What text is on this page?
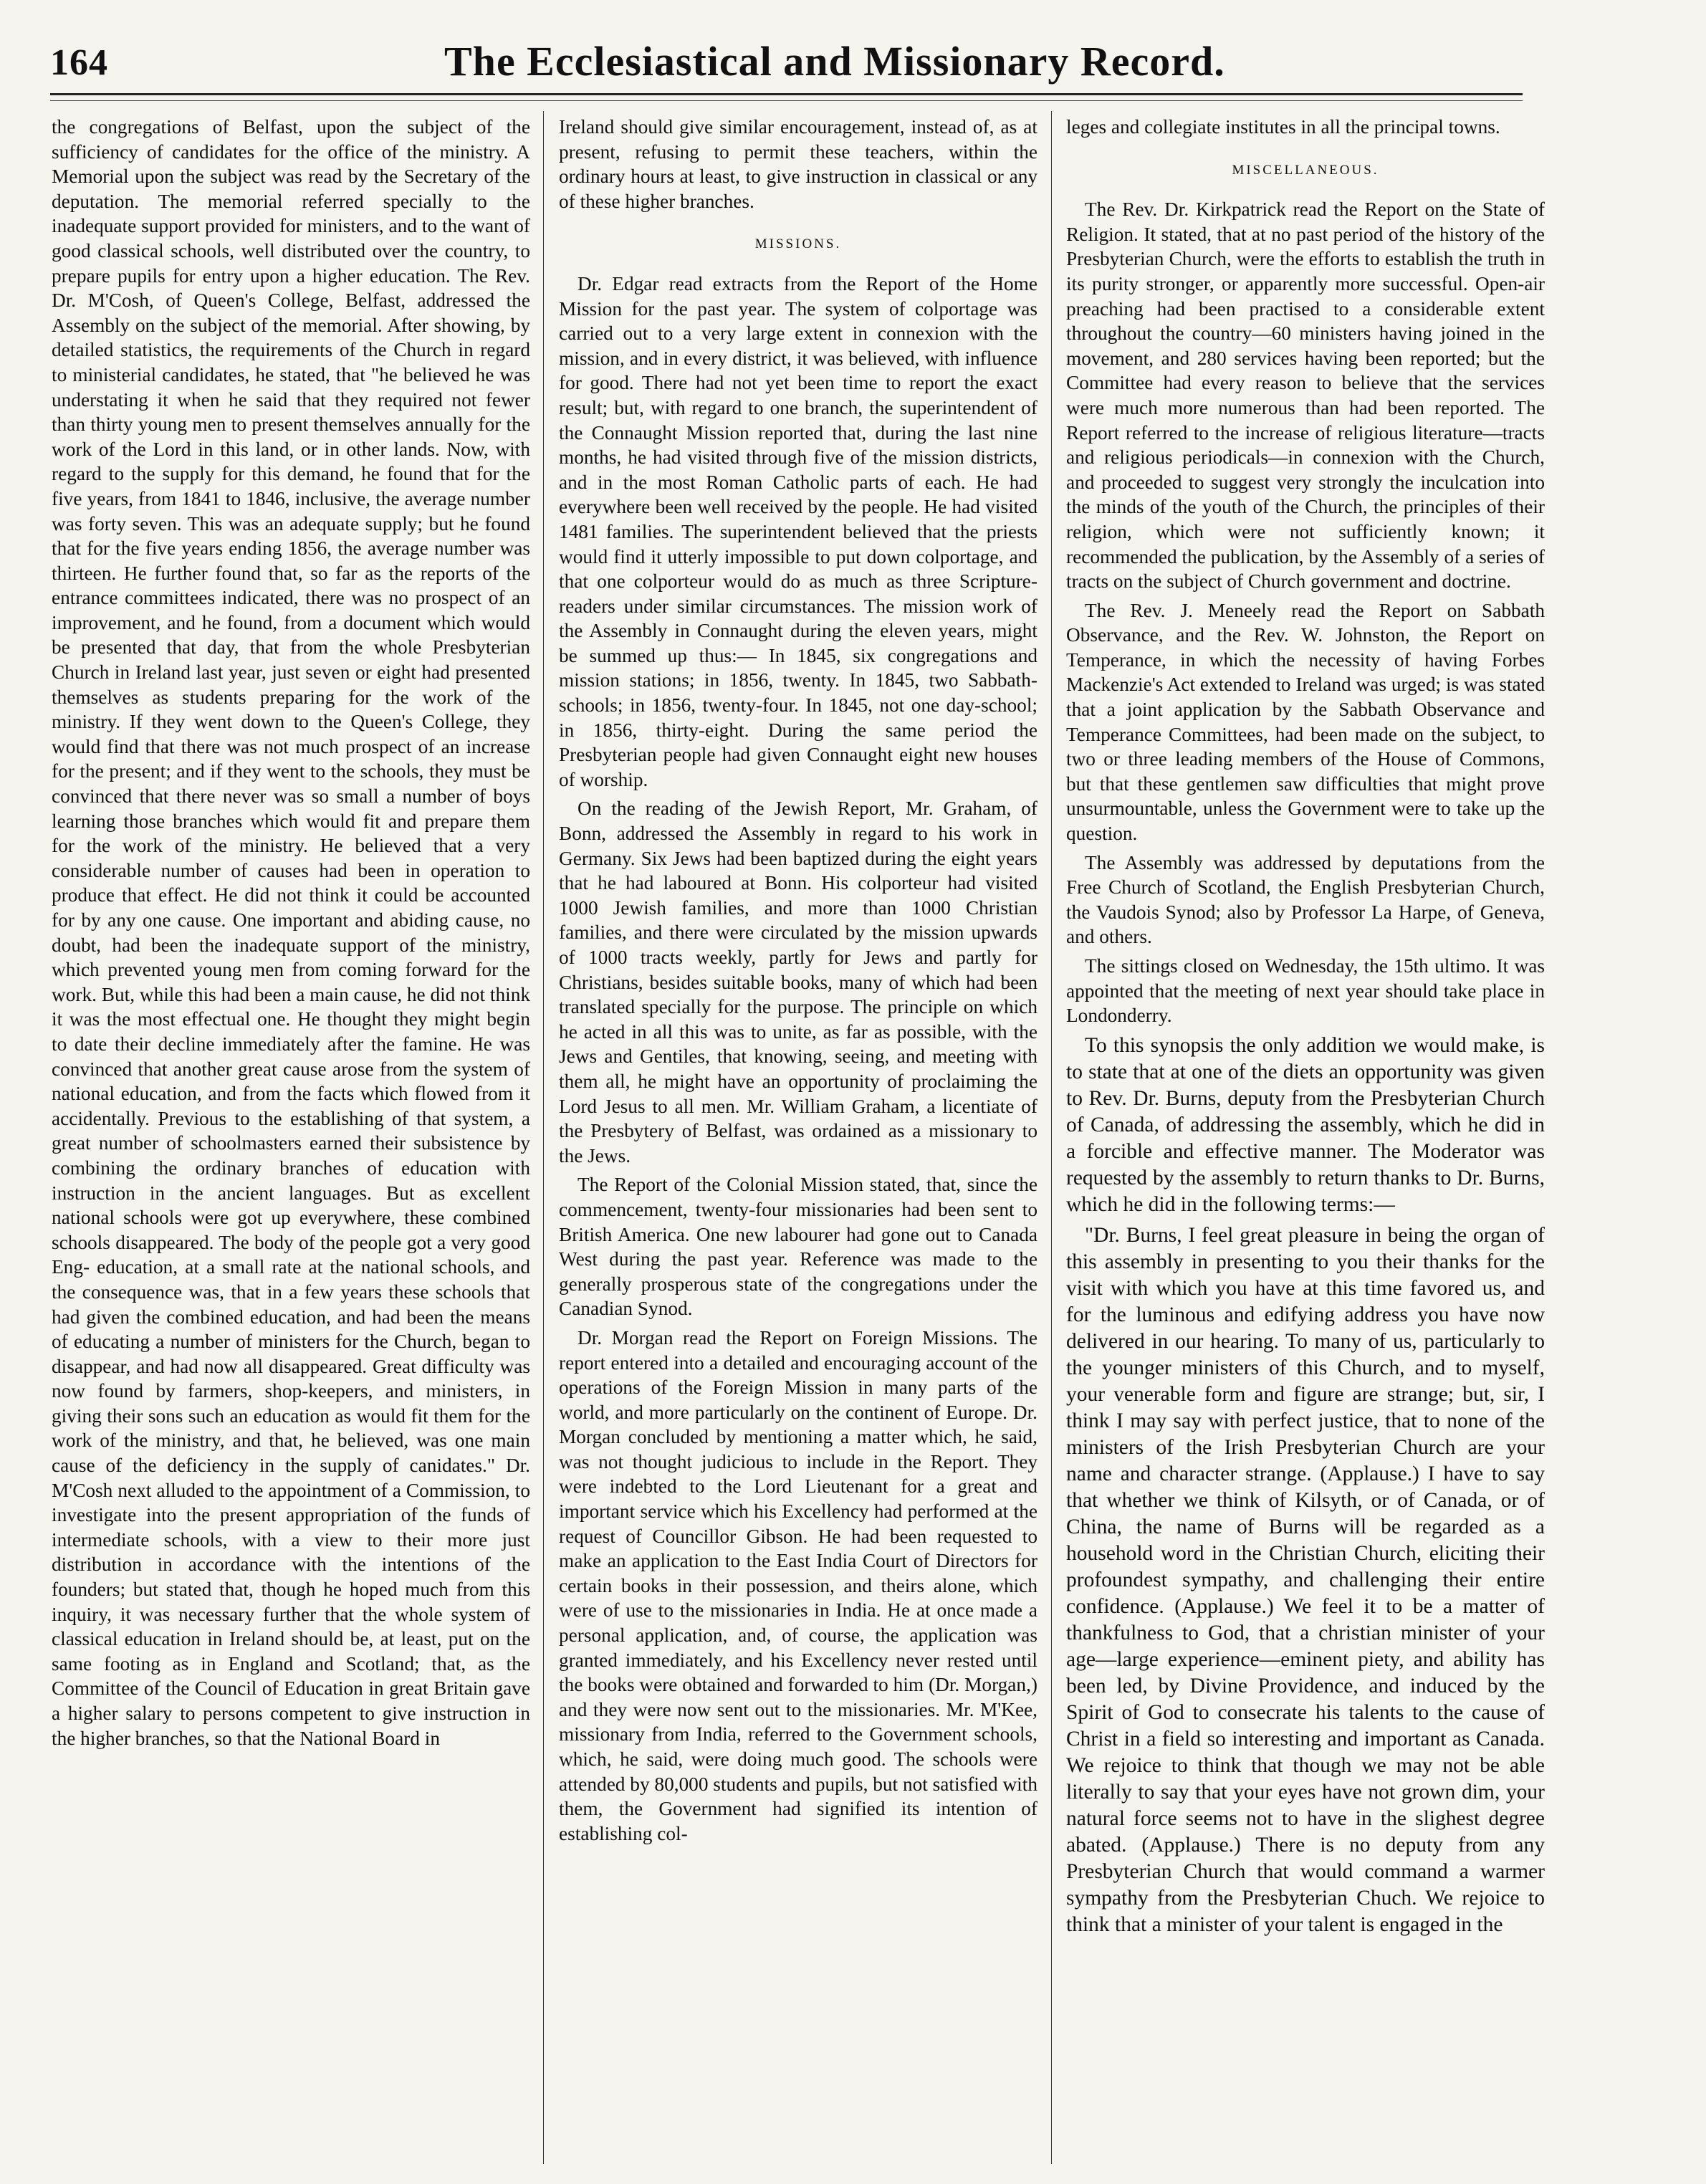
164	The Ecclesiastical and Missionary Record.

the congregations of Belfast, upon the subject of the sufficiency of candidates for the office of the ministry. A Memorial upon the subject was read by the Secretary of the deputation. The memorial referred specially to the inadequate support provided for ministers, and to the want of good classical schools, well distributed over the country, to prepare pupils for entry upon a higher education. The Rev. Dr. M'Cosh, of Queen's College, Belfast, addressed the Assembly on the subject of the memorial. After showing, by detailed statistics, the requirements of the Church in regard to ministerial candidates, he stated, that "he believed he was understating it when he said that they required not fewer than thirty young men to present themselves annually for the work of the Lord in this land, or in other lands. Now, with regard to the supply for this demand, he found that for the five years, from 1841 to 1846, inclusive, the average number was forty seven. This was an adequate supply; but he found that for the five years ending 1856, the average number was thirteen. He further found that, so far as the reports of the entrance committees indicated, there was no prospect of an improvement, and he found, from a document which would be presented that day, that from the whole Presbyterian Church in Ireland last year, just seven or eight had presented themselves as students preparing for the work of the ministry. If they went down to the Queen's College, they would find that there was not much prospect of an increase for the present; and if they went to the schools, they must be convinced that there never was so small a number of boys learning those branches which would fit and prepare them for the work of the ministry. He believed that a very considerable number of causes had been in operation to produce that effect. He did not think it could be accounted for by any one cause. One important and abiding cause, no doubt, had been the inadequate support of the ministry, which prevented young men from coming forward for the work. But, while this had been a main cause, he did not think it was the most effectual one. He thought they might begin to date their decline immediately after the famine. He was convinced that another great cause arose from the system of national education, and from the facts which flowed from it accidentally. Previous to the establishing of that system, a great number of schoolmasters earned their subsistence by combining the ordinary branches of education with instruction in the ancient languages. But as excellent national schools were got up everywhere, these combined schools disappeared. The body of the people got a very good Eng- education, at a small rate at the national schools, and the consequence was, that in a few years these schools that had given the combined education, and had been the means of educating a number of ministers for the Church, began to disappear, and had now all disappeared. Great difficulty was now found by farmers, shop-keepers, and ministers, in giving their sons such an education as would fit them for the work of the ministry, and that, he believed, was one main cause of the deficiency in the supply of canidates." Dr. M'Cosh next alluded to the appointment of a Commission, to investigate into the present appropriation of the funds of intermediate schools, with a view to their more just distribution in accordance with the intentions of the founders; but stated that, though he hoped much from this inquiry, it was necessary further that the whole system of classical education in Ireland should be, at least, put on the same footing as in England and Scotland; that, as the Committee of the Council of Education in great Britain gave a higher salary to persons competent to give instruction in the higher branches, so that the National Board in

Ireland should give similar encouragement, instead of, as at present, refusing to permit these teachers, within the ordinary hours at least, to give instruction in classical or any of these higher branches.

MISSIONS.

Dr. Edgar read extracts from the Report of the Home Mission for the past year. The system of colportage was carried out to a very large extent in connexion with the mission, and in every district, it was believed, with influence for good. There had not yet been time to report the exact result; but, with regard to one branch, the superintendent of the Connaught Mission reported that, during the last nine months, he had visited through five of the mission districts, and in the most Roman Catholic parts of each. He had everywhere been well received by the people. He had visited 1481 families. The superintendent believed that the priests would find it utterly impossible to put down colportage, and that one colporteur would do as much as three Scripture-readers under similar circumstances. The mission work of the Assembly in Connaught during the eleven years, might be summed up thus:— In 1845, six congregations and mission stations; in 1856, twenty. In 1845, two Sabbath-schools; in 1856, twenty-four. In 1845, not one day-school; in 1856, thirty-eight. During the same period the Presbyterian people had given Connaught eight new houses of worship.

On the reading of the Jewish Report, Mr. Graham, of Bonn, addressed the Assembly in regard to his work in Germany. Six Jews had been baptized during the eight years that he had laboured at Bonn. His colporteur had visited 1000 Jewish families, and more than 1000 Christian families, and there were circulated by the mission upwards of 1000 tracts weekly, partly for Jews and partly for Christians, besides suitable books, many of which had been translated specially for the purpose. The principle on which he acted in all this was to unite, as far as possible, with the Jews and Gentiles, that knowing, seeing, and meeting with them all, he might have an opportunity of proclaiming the Lord Jesus to all men. Mr. William Graham, a licentiate of the Presbytery of Belfast, was ordained as a missionary to the Jews.

The Report of the Colonial Mission stated, that, since the commencement, twenty-four missionaries had been sent to British America. One new labourer had gone out to Canada West during the past year. Reference was made to the generally prosperous state of the congregations under the Canadian Synod.

Dr. Morgan read the Report on Foreign Missions. The report entered into a detailed and encouraging account of the operations of the Foreign Mission in many parts of the world, and more particularly on the continent of Europe. Dr. Morgan concluded by mentioning a matter which, he said, was not thought judicious to include in the Report. They were indebted to the Lord Lieutenant for a great and important service which his Excellency had performed at the request of Councillor Gibson. He had been requested to make an application to the East India Court of Directors for certain books in their possession, and theirs alone, which were of use to the missionaries in India. He at once made a personal application, and, of course, the application was granted immediately, and his Excellency never rested until the books were obtained and forwarded to him (Dr. Morgan,) and they were now sent out to the missionaries. Mr. M'Kee, missionary from India, referred to the Government schools, which, he said, were doing much good. The schools were attended by 80,000 students and pupils, but not satisfied with them, the Government had signified its intention of establishing col-

leges and collegiate institutes in all the principal towns.

MISCELLANEOUS.

The Rev. Dr. Kirkpatrick read the Report on the State of Religion. It stated, that at no past period of the history of the Presbyterian Church, were the efforts to establish the truth in its purity stronger, or apparently more successful. Open-air preaching had been practised to a considerable extent throughout the country—60 ministers having joined in the movement, and 280 services having been reported; but the Committee had every reason to believe that the services were much more numerous than had been reported. The Report referred to the increase of religious literature—tracts and religious periodicals—in connexion with the Church, and proceeded to suggest very strongly the inculcation into the minds of the youth of the Church, the principles of their religion, which were not sufficiently known; it recommended the publication, by the Assembly of a series of tracts on the subject of Church government and doctrine.

The Rev. J. Meneely read the Report on Sabbath Observance, and the Rev. W. Johnston, the Report on Temperance, in which the necessity of having Forbes Mackenzie's Act extended to Ireland was urged; is was stated that a joint application by the Sabbath Observance and Temperance Committees, had been made on the subject, to two or three leading members of the House of Commons, but that these gentlemen saw difficulties that might prove unsurmountable, unless the Government were to take up the question.

The Assembly was addressed by deputations from the Free Church of Scotland, the English Presbyterian Church, the Vaudois Synod; also by Professor La Harpe, of Geneva, and others.

The sittings closed on Wednesday, the 15th ultimo. It was appointed that the meeting of next year should take place in Londonderry.

To this synopsis the only addition we would make, is to state that at one of the diets an opportunity was given to Rev. Dr. Burns, deputy from the Presbyterian Church of Canada, of addressing the assembly, which he did in a forcible and effective manner. The Moderator was requested by the assembly to return thanks to Dr. Burns, which he did in the following terms:—

"Dr. Burns, I feel great pleasure in being the organ of this assembly in presenting to you their thanks for the visit with which you have at this time favored us, and for the luminous and edifying address you have now delivered in our hearing. To many of us, particularly to the younger ministers of this Church, and to myself, your venerable form and figure are strange; but, sir, I think I may say with perfect justice, that to none of the ministers of the Irish Presbyterian Church are your name and character strange. (Applause.) I have to say that whether we think of Kilsyth, or of Canada, or of China, the name of Burns will be regarded as a household word in the Christian Church, eliciting their profoundest sympathy, and challenging their entire confidence. (Applause.) We feel it to be a matter of thankfulness to God, that a christian minister of your age—large experience—eminent piety, and ability has been led, by Divine Providence, and induced by the Spirit of God to consecrate his talents to the cause of Christ in a field so interesting and important as Canada. We rejoice to think that though we may not be able literally to say that your eyes have not grown dim, your natural force seems not to have in the slighest degree abated. (Applause.) There is no deputy from any Presbyterian Church that would command a warmer sympathy from the Presbyterian Chuch. We rejoice to think that a minister of your talent is engaged in the
